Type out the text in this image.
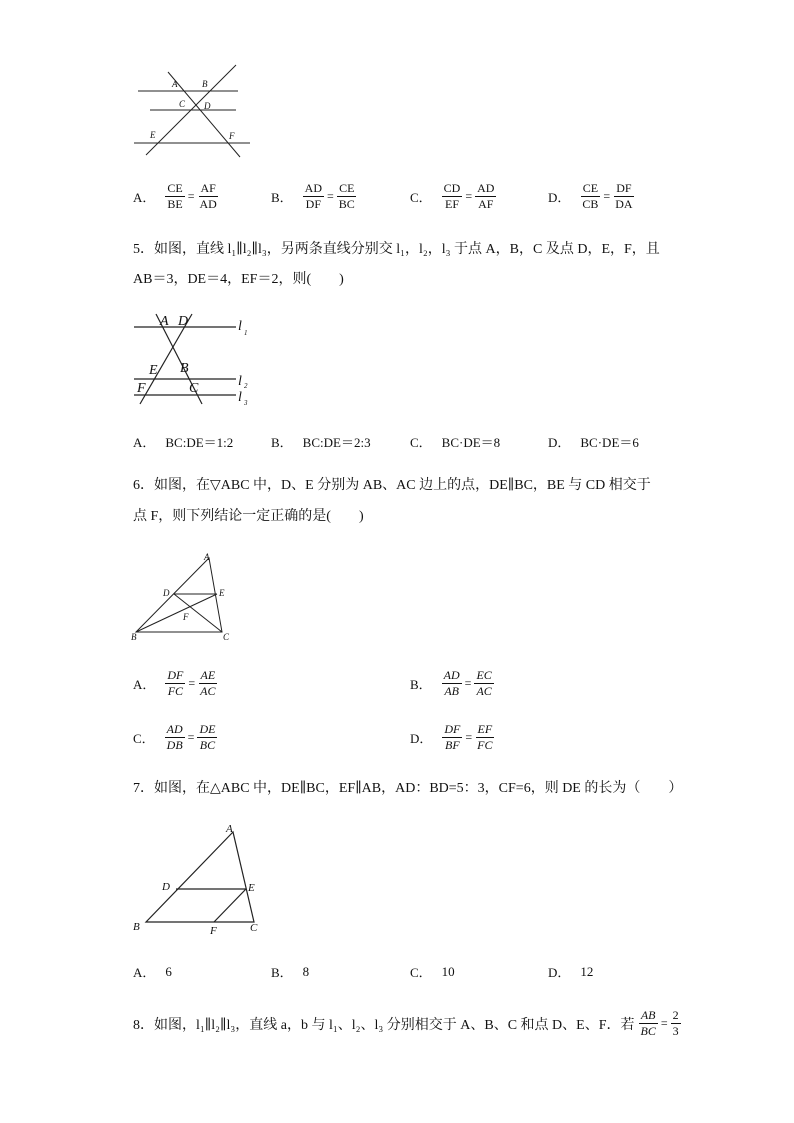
A	B
C D
E	F
A． $\frac{CE}{BE} = \frac{AF}{AD}$	B． $\frac{AD}{DF} = \frac{CE}{BC}$	C． $\frac{CD}{EF} = \frac{AD}{AF}$	D． $\frac{CE}{CB} = \frac{DF}{DA}$
5．如图，直线 l₁∥l₂∥l₃，另两条直线分别交 l₁，l₂，l₃ 于点 A，B，C 及点 D，E，F，且
AB＝3，DE＝4，EF＝2，则(　　)
A D
E B
F	C
l 1
l 2
l 3
A． BC:DE＝1:2	B． BC:DE＝2:3	C． BC·DE＝8	D． BC·DE＝6
6．如图，在▽ABC 中，D、E 分别为 AB、AC 边上的点，DE∥BC，BE 与 CD 相交于
点 F，则下列结论一定正确的是(　　)
A
D	E
F
B	C
A． $\frac{DF}{FC} = \frac{AE}{AC}$	B． $\frac{AD}{AB} = \frac{EC}{AC}$
C． $\frac{AD}{DB} = \frac{DE}{BC}$	D． $\frac{DF}{BF} = \frac{EF}{FC}$
7．如图，在△ABC 中，DE∥BC，EF∥AB，AD：BD=5：3，CF=6，则 DE 的长为（　　）
A
D	E
B	F	C
A． 6	B． 8	C． 10	D． 12
8．如图，l₁∥l₂∥l₃，直线 a，b 与 l₁、l₂、l₃ 分别相交于 A、B、C 和点 D、E、F．若 $\frac{AB}{BC} = \frac{2}{3}$
